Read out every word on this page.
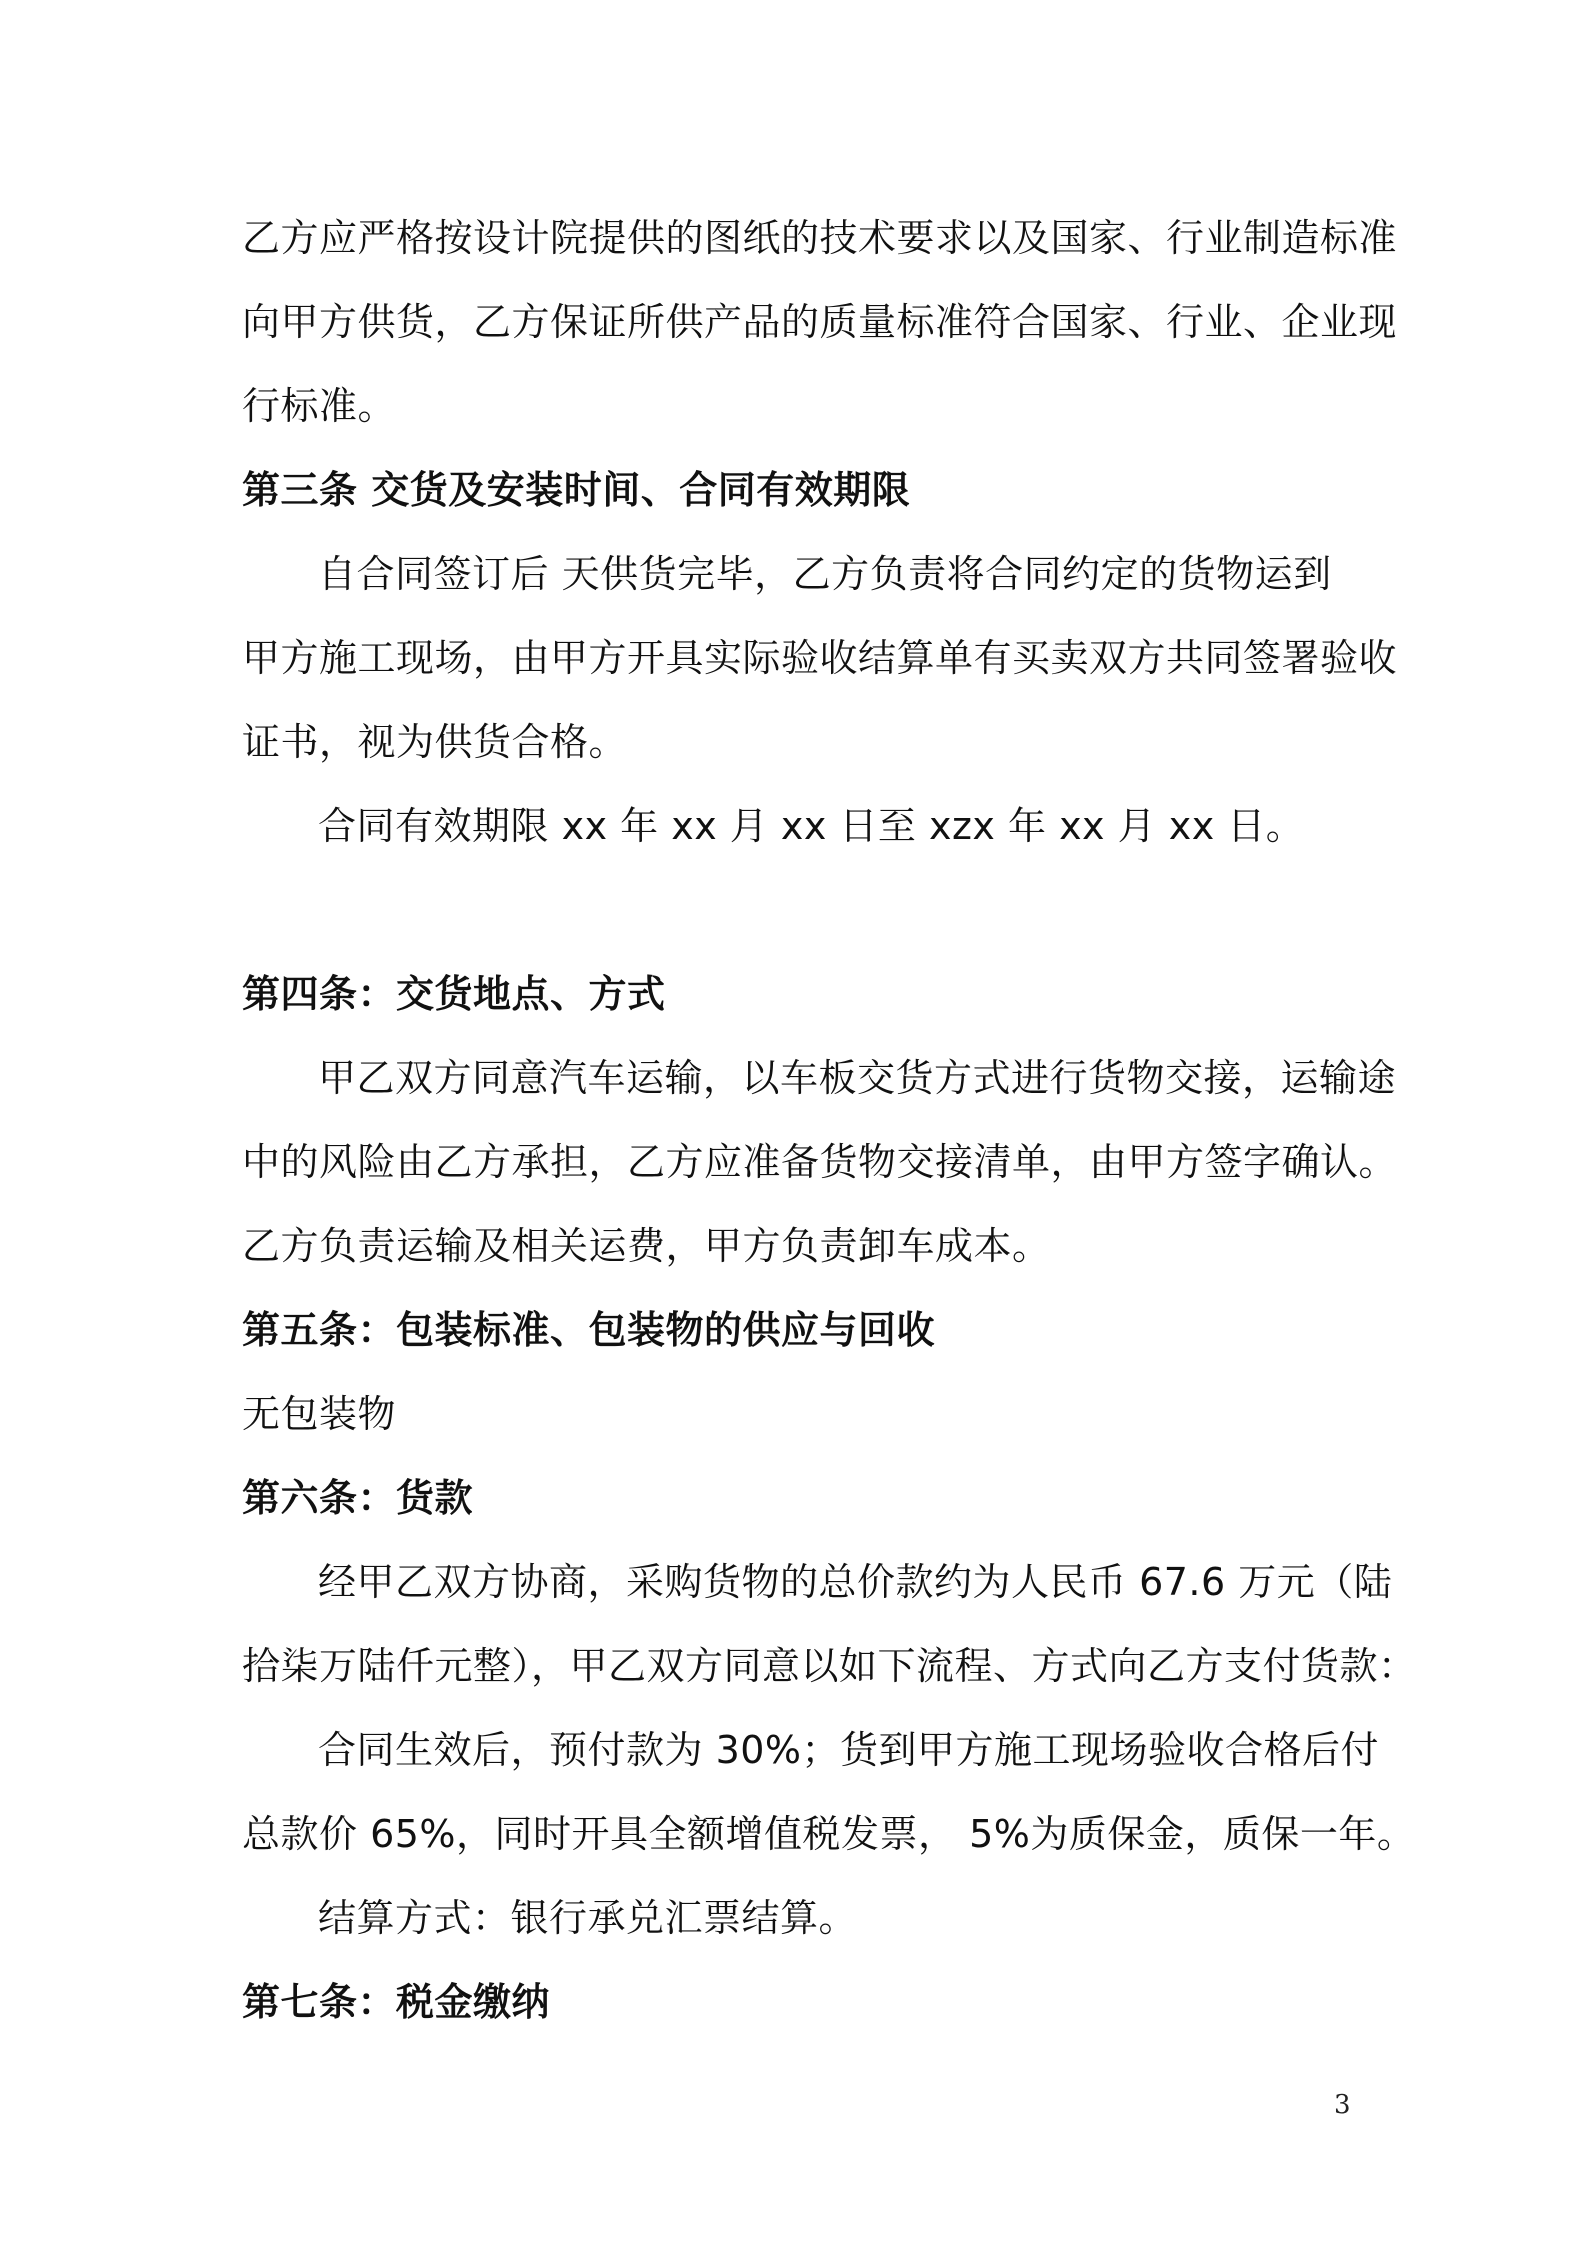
乙方应严格按设计院提供的图纸的技术要求以及国家、行业制造标准
向甲方供货，乙方保证所供产品的质量标准符合国家、行业、企业现
行标准。
第三条 交货及安装时间、合同有效期限
自合同签订后 天供货完毕，乙方负责将合同约定的货物运到
甲方施工现场，由甲方开具实际验收结算单有买卖双方共同签署验收
证书，视为供货合格。
合同有效期限 xx 年 xx 月 xx 日至 xzx 年 xx 月 xx 日。
第四条：交货地点、方式
甲乙双方同意汽车运输，以车板交货方式进行货物交接，运输途
中的风险由乙方承担，乙方应准备货物交接清单，由甲方签字确认。
乙方负责运输及相关运费，甲方负责卸车成本。
第五条：包装标准、包装物的供应与回收
无包装物
第六条：货款
经甲乙双方协商，采购货物的总价款约为人民币 67.6 万元（陆
拾柒万陆仟元整），甲乙双方同意以如下流程、方式向乙方支付货款：
合同生效后，预付款为 30%；货到甲方施工现场验收合格后付
总款价 65%，同时开具全额增值税发票， 5%为质保金，质保一年。
结算方式：银行承兑汇票结算。
第七条：税金缴纳
3
